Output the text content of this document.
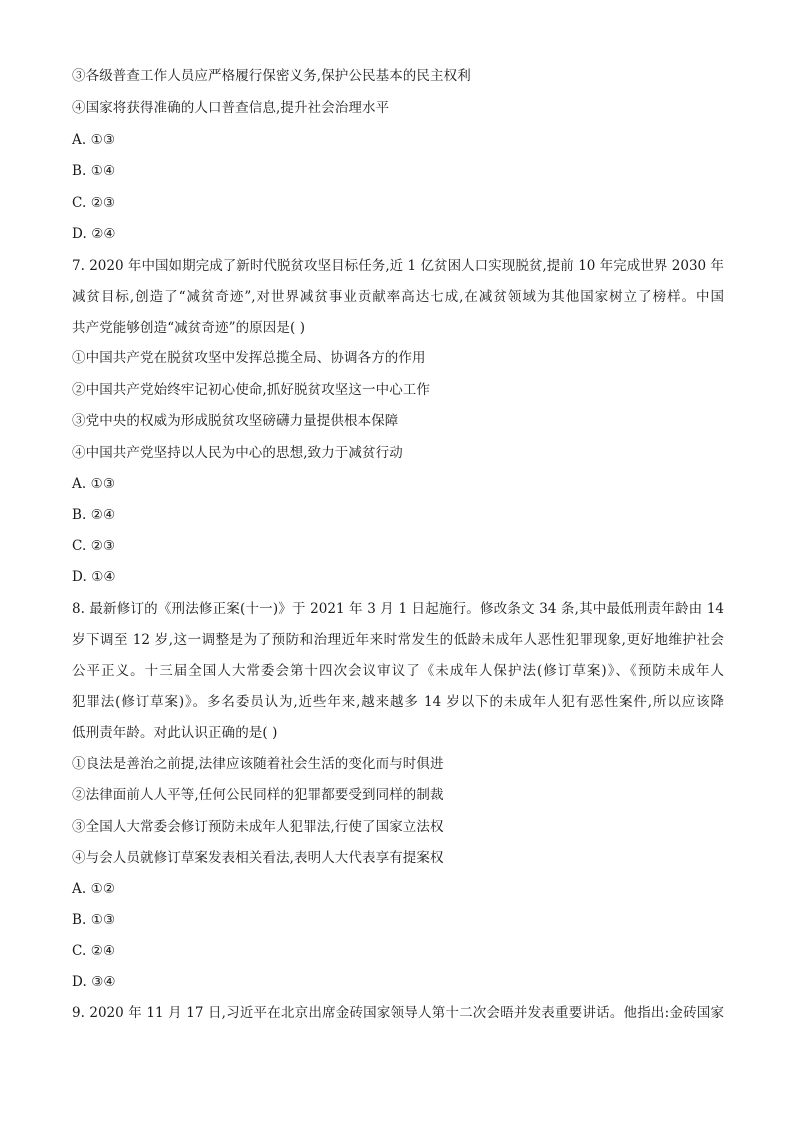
③各级普查工作人员应严格履行保密义务,保护公民基本的民主权利
④国家将获得准确的人口普查信息,提升社会治理水平
A. ①③
B. ①④
C. ②③
D. ②④
7. 2020 年中国如期完成了新时代脱贫攻坚目标任务,近 1 亿贫困人口实现脱贫,提前 10 年完成世界 2030 年
减贫目标,创造了“减贫奇迹”,对世界减贫事业贡献率高达七成,在减贫领域为其他国家树立了榜样。中国
共产党能够创造“减贫奇迹”的原因是( )
①中国共产党在脱贫攻坚中发挥总揽全局、协调各方的作用
②中国共产党始终牢记初心使命,抓好脱贫攻坚这一中心工作
③党中央的权威为形成脱贫攻坚磅礴力量提供根本保障
④中国共产党坚持以人民为中心的思想,致力于减贫行动
A. ①③
B. ②④
C. ②③
D. ①④
8. 最新修订的《刑法修正案(十一)》于 2021 年 3 月 1 日起施行。修改条文 34 条,其中最低刑责年龄由 14
岁下调至 12 岁,这一调整是为了预防和治理近年来时常发生的低龄未成年人恶性犯罪现象,更好地维护社会
公平正义。十三届全国人大常委会第十四次会议审议了《未成年人保护法(修订草案)》、《预防未成年人
犯罪法(修订草案)》。多名委员认为,近些年来,越来越多 14 岁以下的未成年人犯有恶性案件,所以应该降
低刑责年龄。对此认识正确的是( )
①良法是善治之前提,法律应该随着社会生活的变化而与时俱进
②法律面前人人平等,任何公民同样的犯罪都要受到同样的制裁
③全国人大常委会修订预防未成年人犯罪法,行使了国家立法权
④与会人员就修订草案发表相关看法,表明人大代表享有提案权
A. ①②
B. ①③
C. ②④
D. ③④
9. 2020 年 11 月 17 日,习近平在北京出席金砖国家领导人第十二次会晤并发表重要讲话。他指出:金砖国家
